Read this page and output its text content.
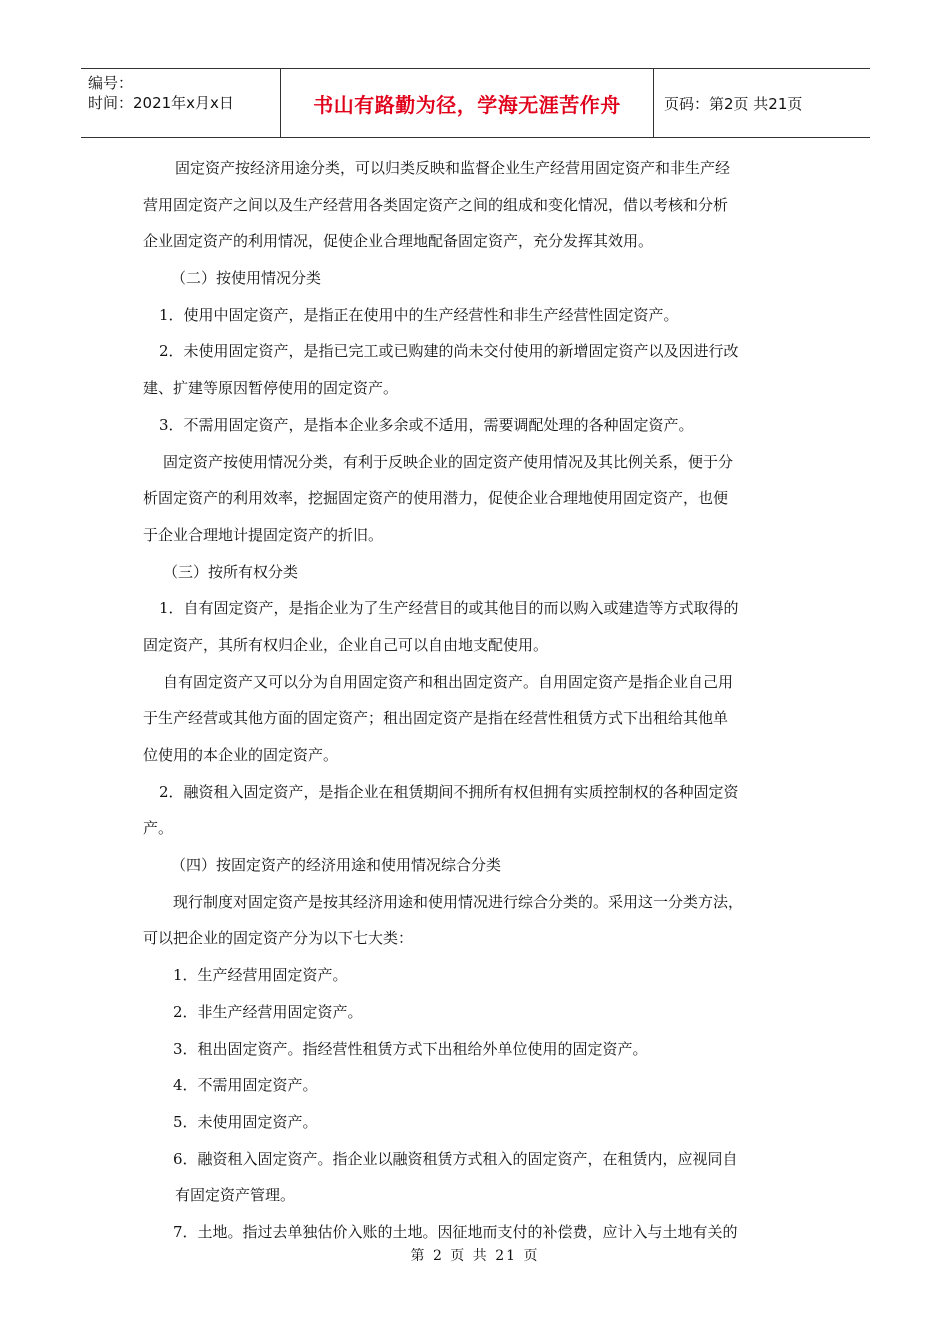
编号：
时间：2021年x月x日	书山有路勤为径，学海无涯苦作舟	页码：第2页 共21页
固定资产按经济用途分类，可以归类反映和监督企业生产经营用固定资产和非生产经
营用固定资产之间以及生产经营用各类固定资产之间的组成和变化情况，借以考核和分析
企业固定资产的利用情况，促使企业合理地配备固定资产，充分发挥其效用。
（二）按使用情况分类
1．使用中固定资产，是指正在使用中的生产经营性和非生产经营性固定资产。
2．未使用固定资产，是指已完工或已购建的尚未交付使用的新增固定资产以及因进行改
建、扩建等原因暂停使用的固定资产。
3．不需用固定资产，是指本企业多余或不适用，需要调配处理的各种固定资产。
固定资产按使用情况分类，有利于反映企业的固定资产使用情况及其比例关系，便于分
析固定资产的利用效率，挖掘固定资产的使用潜力，促使企业合理地使用固定资产，也便
于企业合理地计提固定资产的折旧。
（三）按所有权分类
1．自有固定资产，是指企业为了生产经营目的或其他目的而以购入或建造等方式取得的
固定资产，其所有权归企业，企业自己可以自由地支配使用。
自有固定资产又可以分为自用固定资产和租出固定资产。自用固定资产是指企业自己用
于生产经营或其他方面的固定资产；租出固定资产是指在经营性租赁方式下出租给其他单
位使用的本企业的固定资产。
2．融资租入固定资产，是指企业在租赁期间不拥所有权但拥有实质控制权的各种固定资
产。
（四）按固定资产的经济用途和使用情况综合分类
现行制度对固定资产是按其经济用途和使用情况进行综合分类的。采用这一分类方法，
可以把企业的固定资产分为以下七大类：
1．生产经营用固定资产。
2．非生产经营用固定资产。
3．租出固定资产。指经营性租赁方式下出租给外单位使用的固定资产。
4．不需用固定资产。
5．未使用固定资产。
6．融资租入固定资产。指企业以融资租赁方式租入的固定资产，在租赁内，应视同自
有固定资产管理。
7．土地。指过去单独估价入账的土地。因征地而支付的补偿费，应计入与土地有关的
第 2 页 共 21 页
